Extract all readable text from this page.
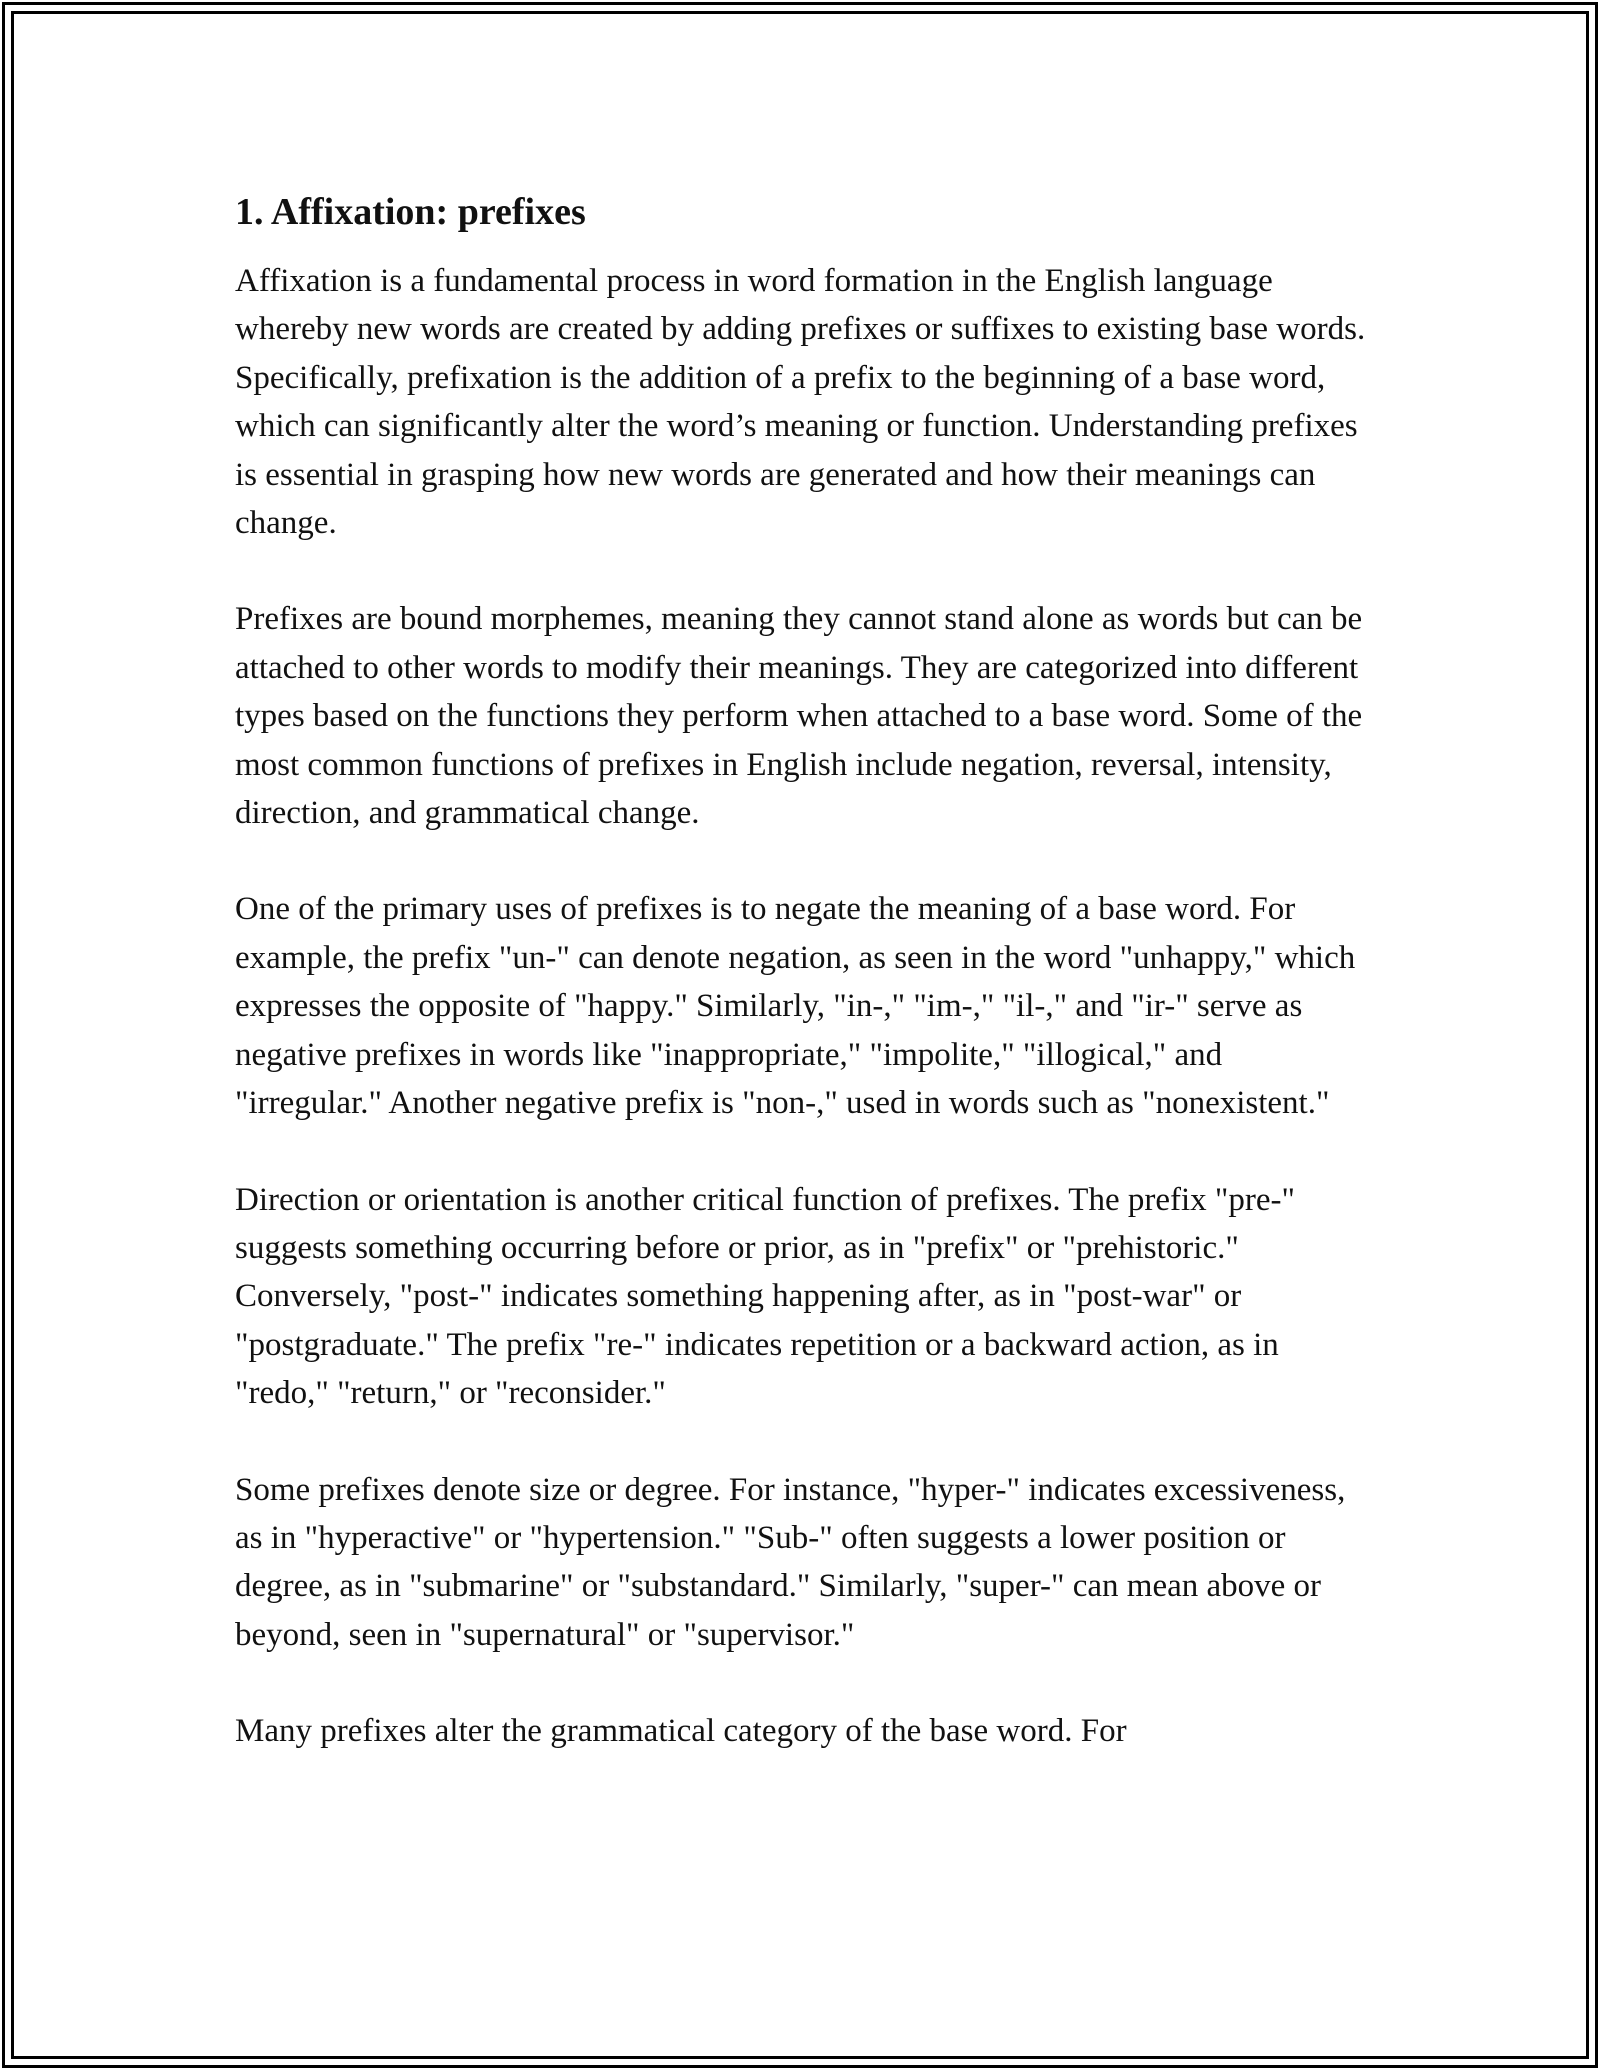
1. Affixation: prefixes

Affixation is a fundamental process in word formation in the English language whereby new words are created by adding prefixes or suffixes to existing base words. Specifically, prefixation is the addition of a prefix to the beginning of a base word, which can significantly alter the word’s meaning or function. Understanding prefixes is essential in grasping how new words are generated and how their meanings can change.

Prefixes are bound morphemes, meaning they cannot stand alone as words but can be attached to other words to modify their meanings. They are categorized into different types based on the functions they perform when attached to a base word. Some of the most common functions of prefixes in English include negation, reversal, intensity, direction, and grammatical change.

One of the primary uses of prefixes is to negate the meaning of a base word. For example, the prefix "un-" can denote negation, as seen in the word "unhappy," which expresses the opposite of "happy." Similarly, "in-," "im-," "il-," and "ir-" serve as negative prefixes in words like "inappropriate," "impolite," "illogical," and "irregular." Another negative prefix is "non-," used in words such as "nonexistent."

Direction or orientation is another critical function of prefixes. The prefix "pre-" suggests something occurring before or prior, as in "prefix" or "prehistoric." Conversely, "post-" indicates something happening after, as in "post-war" or "postgraduate." The prefix "re-" indicates repetition or a backward action, as in "redo," "return," or "reconsider."

Some prefixes denote size or degree. For instance, "hyper-" indicates excessiveness, as in "hyperactive" or "hypertension." "Sub-" often suggests a lower position or degree, as in "submarine" or "substandard." Similarly, "super-" can mean above or beyond, seen in "supernatural" or "supervisor."

Many prefixes alter the grammatical category of the base word. For
